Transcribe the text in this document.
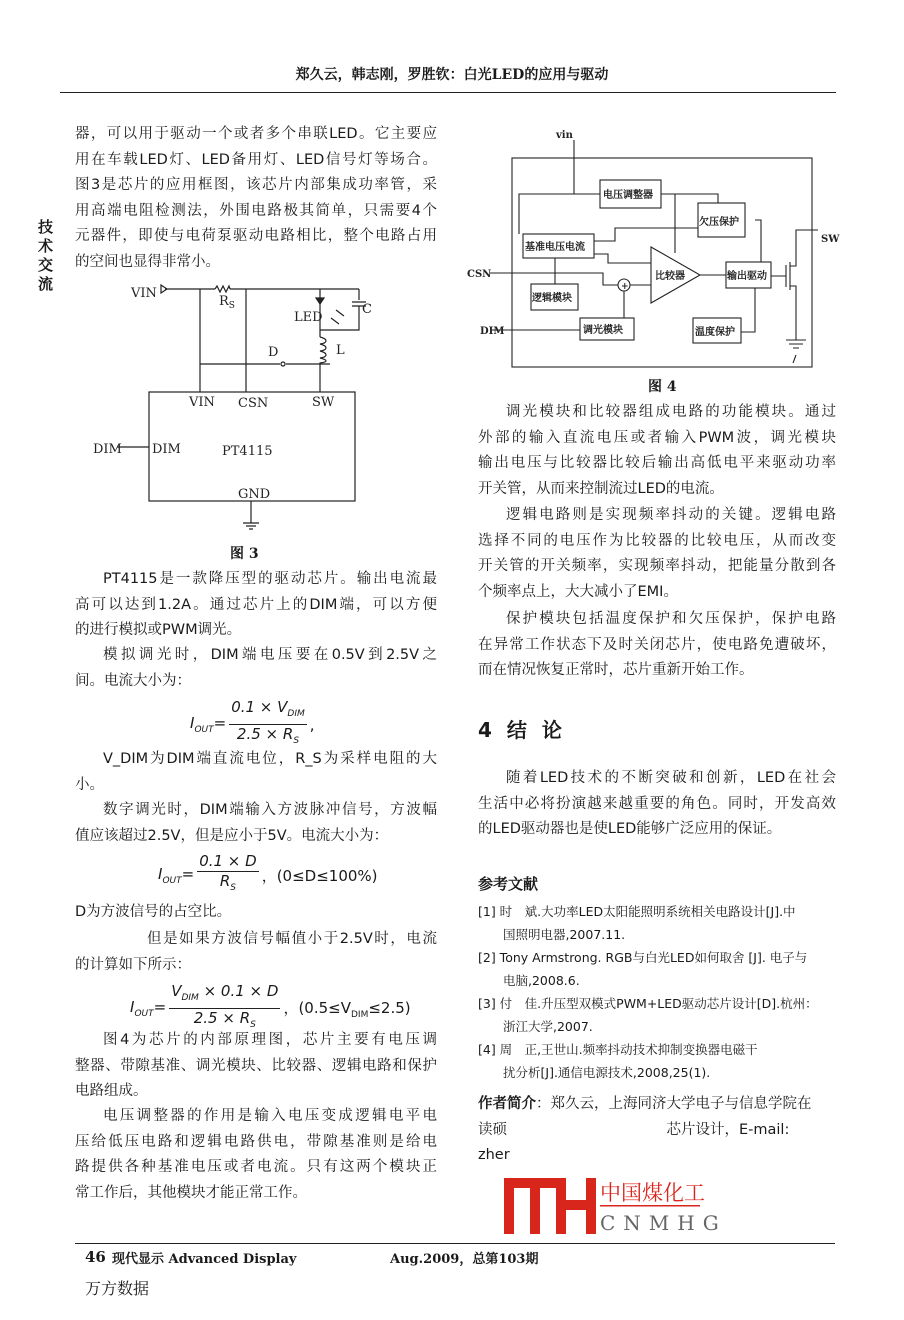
郑久云，韩志刚，罗胜钦：白光LED的应用与驱动
技术交流
器，可以用于驱动一个或者多个串联LED。它主要应
用在车载LED灯、LED备用灯、LED信号灯等场合。
图3是芯片的应用框图，该芯片内部集成功率管，采
用高端电阻检测法，外围电路极其简单，只需要4个
元器件，即使与电荷泵驱动电路相比，整个电路占用
的空间也显得非常小。
VIN
$R_S$
LED
C
L
D
VIN CSN	SW
DIM DIM	PT4115
GND
图 3
PT4115是一款降压型的驱动芯片。输出电流最
高可以达到1.2A。通过芯片上的DIM端，可以方便
的进行模拟或PWM调光。
模拟调光时，DIM端电压要在0.5V到2.5V之
间。电流大小为：
$I_{OUT}= \frac{0.1 \times V_{DIM}}{2.5 \times R_S}$ ,
V_DIM为DIM端直流电位，R_S为采样电阻的大
小。
数字调光时，DIM端输入方波脉冲信号，方波幅
值应该超过2.5V，但是应小于5V。电流大小为：
$I_{OUT}= \frac{0.1 \times D}{R_S}$ ，(0≤D≤100%)
D为方波信号的占空比。
但是如果方波信号幅值小于2.5V时，电流
的计算如下所示：
$I_{OUT}= \frac{V_{DIM} \times 0.1 \times D}{2.5 \times R_S}$ ，$(0.5\le V_{DIM}\le 2.5)$
图4为芯片的内部原理图，芯片主要有电压调
整器、带隙基准、调光模块、比较器、逻辑电路和保护
电路组成。
电压调整器的作用是输入电压变成逻辑电平电
压给低压电路和逻辑电路供电，带隙基准则是给电
路提供各种基准电压或者电流。只有这两个模块正
常工作后，其他模块才能正常工作。
vin
电压调整器
欠压保护
基准电压电流
比较器	输出驱动
逻辑模块
调光模块	温度保护
CSN
DIM
SW
+
图 4
调光模块和比较器组成电路的功能模块。通过
外部的输入直流电压或者输入PWM波，调光模块
输出电压与比较器比较后输出高低电平来驱动功率
开关管，从而来控制流过LED的电流。
逻辑电路则是实现频率抖动的关键。逻辑电路
选择不同的电压作为比较器的比较电压，从而改变
开关管的开关频率，实现频率抖动，把能量分散到各
个频率点上，大大减小了EMI。
保护模块包括温度保护和欠压保护，保护电路
在异常工作状态下及时关闭芯片，使电路免遭破坏，
而在情况恢复正常时，芯片重新开始工作。
4 结 论
随着LED技术的不断突破和创新，LED在社会
生活中必将扮演越来越重要的角色。同时，开发高效
的LED驱动器也是使LED能够广泛应用的保证。
参考文献
[1] 时　斌.大功率LED太阳能照明系统相关电路设计[J].中
　　国照明电器,2007.11.
[2] Tony Armstrong. RGB与白光LED如何取舍 [J]. 电子与
　　电脑,2008.6.
[3] 付　佳.升压型双模式PWM+LED驱动芯片设计[D].杭州：
　　浙江大学,2007.
[4] 周　正,王世山.频率抖动技术抑制变换器电磁干
　　扰分析[J].通信电源技术,2008,25(1).
作者简介：郑久云，上海同济大学电子与信息学院在
读硕　　　　　　　　　　　芯片设计，E-mail:
zher
中国煤化工
CNMHG
46 现代显示 Advanced Display	Aug.2009，总第103期
万方数据
